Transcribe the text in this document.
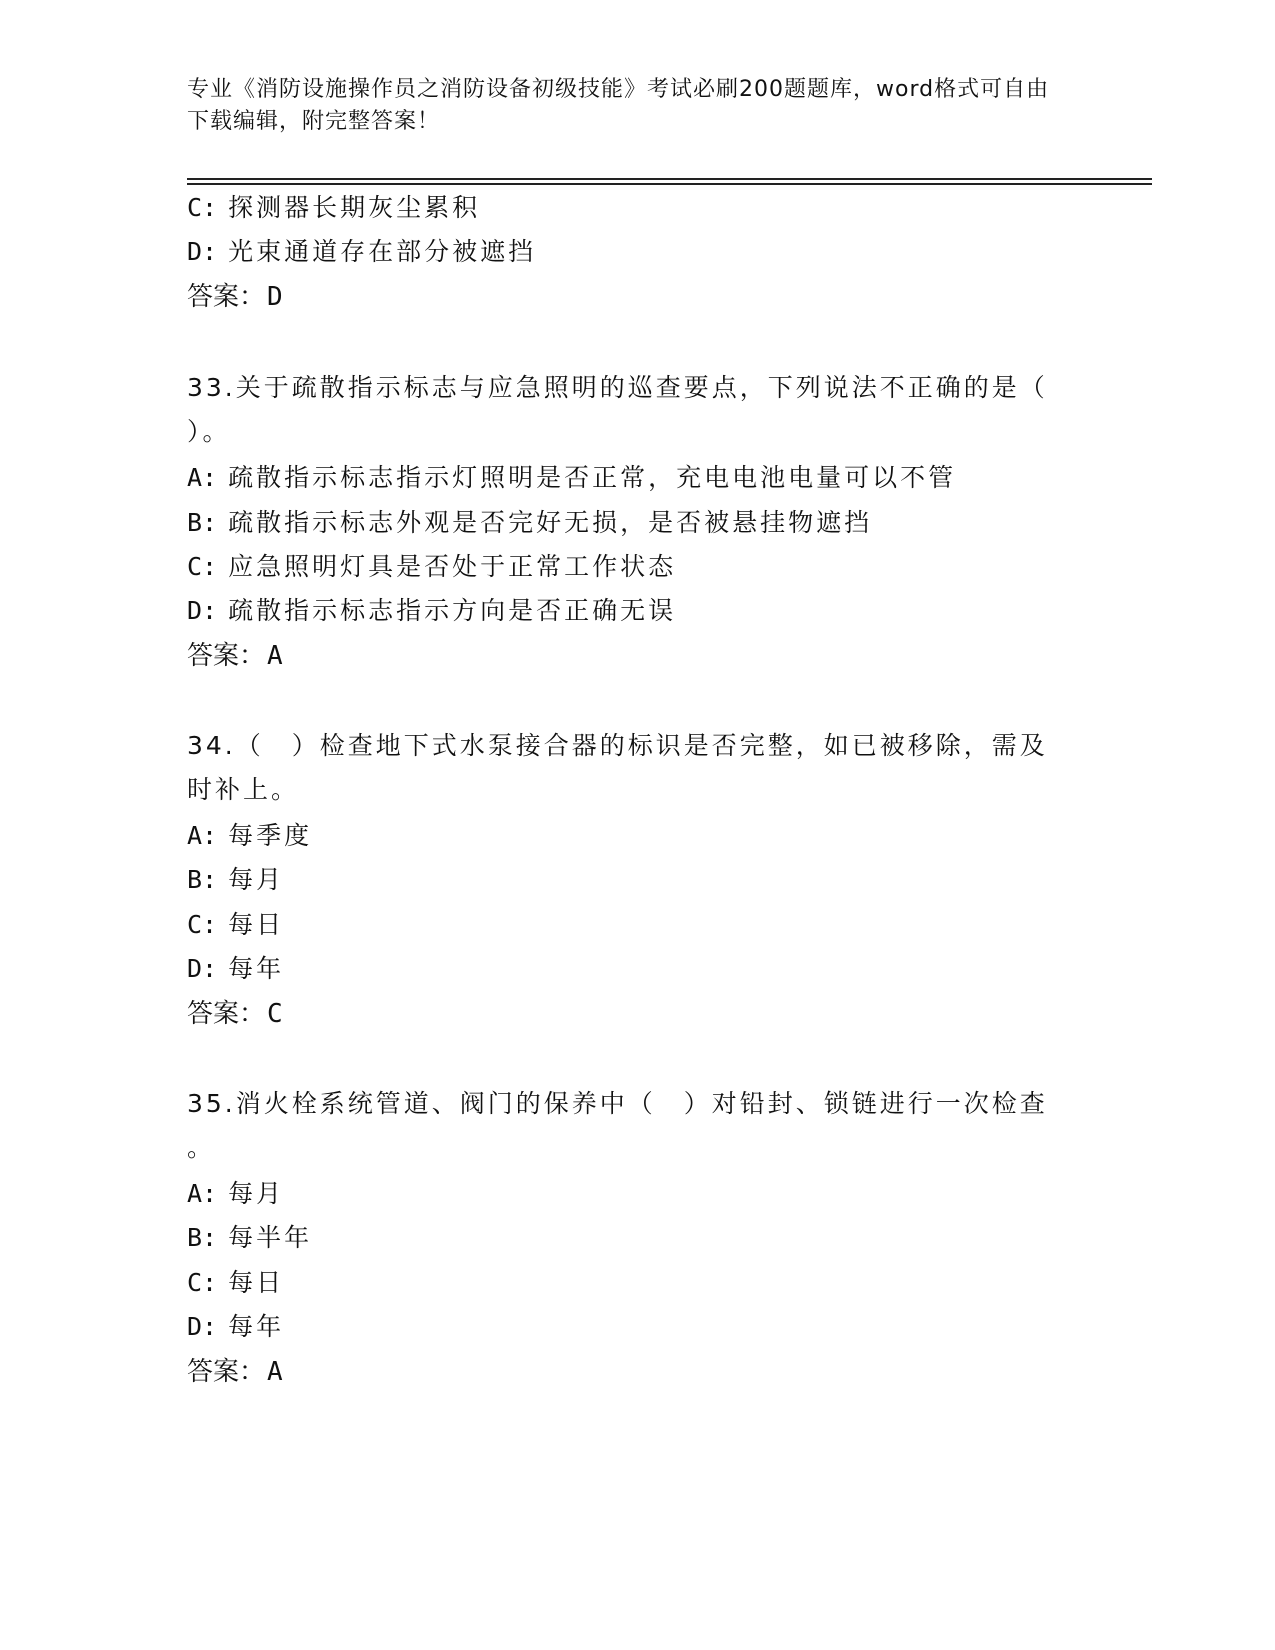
专业《消防设施操作员之消防设备初级技能》考试必刷200题题库，word格式可自由下载编辑，附完整答案！
C: 探测器长期灰尘累积
D: 光束通道存在部分被遮挡
答案：D
33.关于疏散指示标志与应急照明的巡查要点，下列说法不正确的是（
）。
A: 疏散指示标志指示灯照明是否正常，充电电池电量可以不管
B: 疏散指示标志外观是否完好无损，是否被悬挂物遮挡
C: 应急照明灯具是否处于正常工作状态
D: 疏散指示标志指示方向是否正确无误
答案：A
34.（　）检查地下式水泵接合器的标识是否完整，如已被移除，需及
时补上。
A: 每季度
B: 每月
C: 每日
D: 每年
答案：C
35.消火栓系统管道、阀门的保养中（　）对铅封、锁链进行一次检查
。
A: 每月
B: 每半年
C: 每日
D: 每年
答案：A
